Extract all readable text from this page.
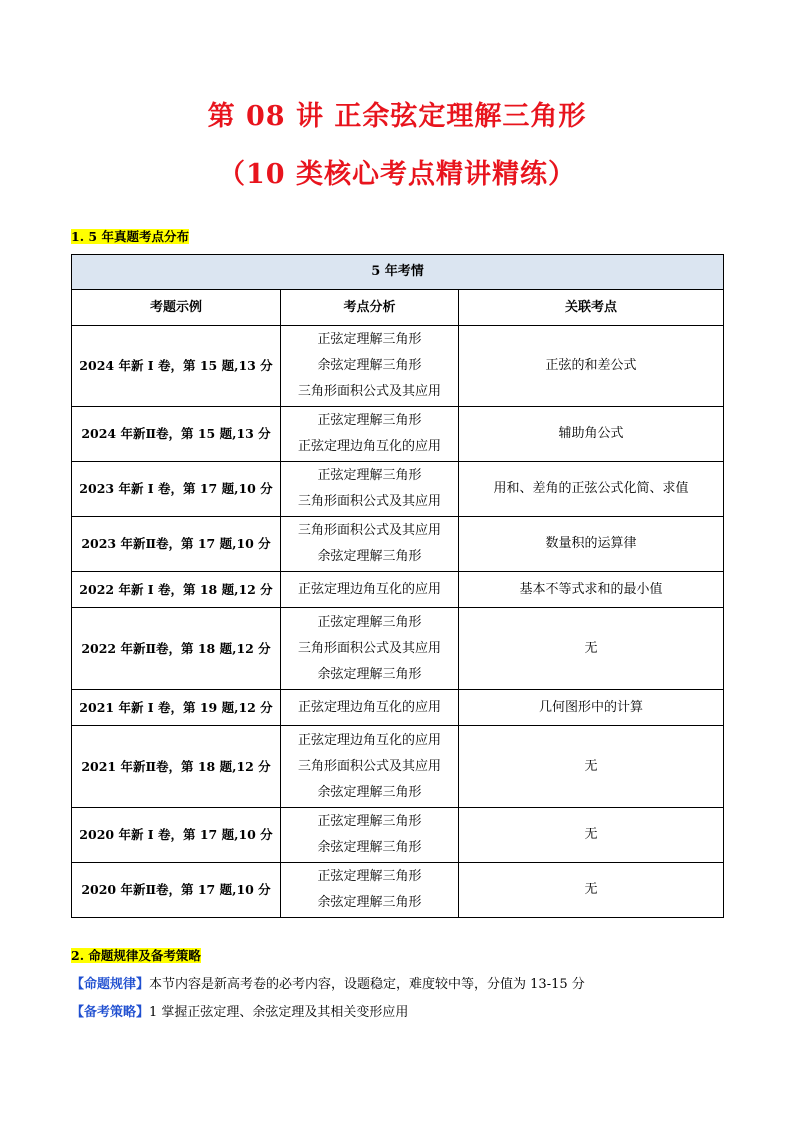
第 08 讲 正余弦定理解三角形
（10 类核心考点精讲精练）
1. 5 年真题考点分布
5 年考情		
考题示例	考点分析	关联考点
2024 年新 I 卷，第 15 题,13 分	正弦定理解三角形
余弦定理解三角形
三角形面积公式及其应用	正弦的和差公式
2024 年新Ⅱ卷，第 15 题,13 分	正弦定理解三角形
正弦定理边角互化的应用	辅助角公式
2023 年新 I 卷，第 17 题,10 分	正弦定理解三角形
三角形面积公式及其应用	用和、差角的正弦公式化简、求值
2023 年新Ⅱ卷，第 17 题,10 分	三角形面积公式及其应用
余弦定理解三角形	数量积的运算律
2022 年新 I 卷，第 18 题,12 分	正弦定理边角互化的应用	基本不等式求和的最小值
2022 年新Ⅱ卷，第 18 题,12 分	正弦定理解三角形
三角形面积公式及其应用
余弦定理解三角形	无
2021 年新 I 卷，第 19 题,12 分	正弦定理边角互化的应用	几何图形中的计算
2021 年新Ⅱ卷，第 18 题,12 分	正弦定理边角互化的应用
三角形面积公式及其应用
余弦定理解三角形	无
2020 年新 I 卷，第 17 题,10 分	正弦定理解三角形
余弦定理解三角形	无
2020 年新Ⅱ卷，第 17 题,10 分	正弦定理解三角形
余弦定理解三角形	无
2. 命题规律及备考策略
【命题规律】本节内容是新高考卷的必考内容，设题稳定，难度较中等，分值为 13-15 分
【备考策略】1 掌握正弦定理、余弦定理及其相关变形应用
